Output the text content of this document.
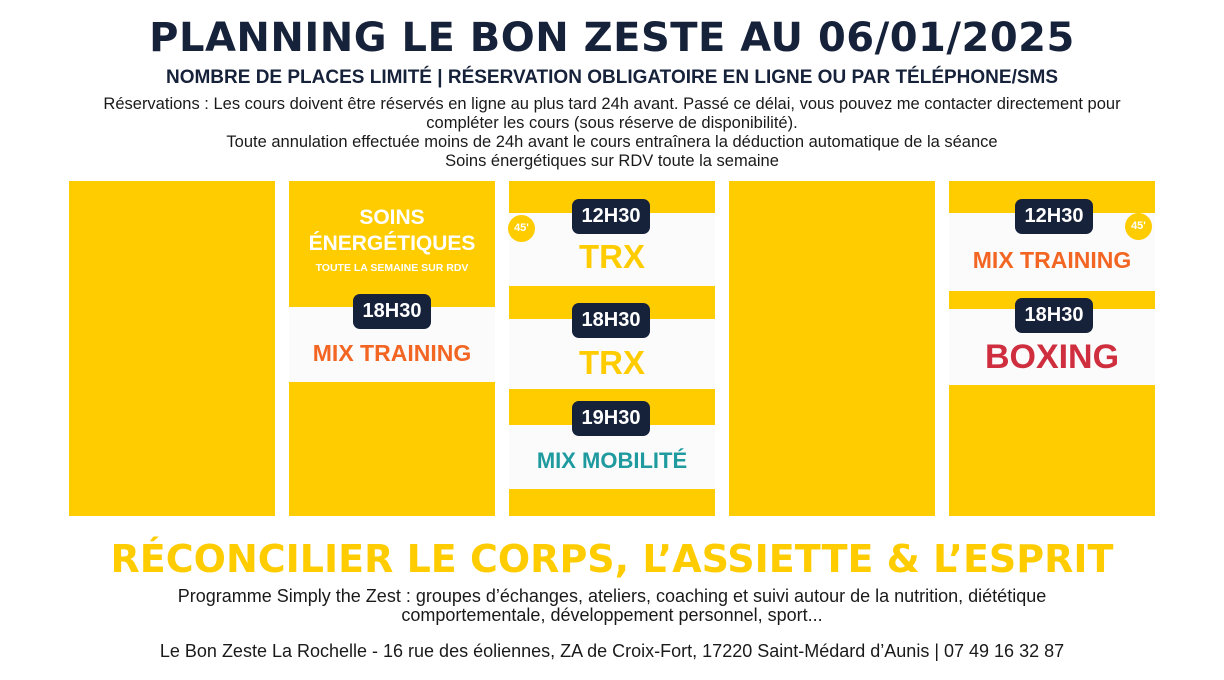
PLANNING LE BON ZESTE AU 06/01/2025
NOMBRE DE PLACES LIMITÉ | RÉSERVATION OBLIGATOIRE EN LIGNE OU PAR TÉLÉPHONE/SMS
Réservations : Les cours doivent être réservés en ligne au plus tard 24h avant. Passé ce délai, vous pouvez me contacter directement pour
compléter les cours (sous réserve de disponibilité).
Toute annulation effectuée moins de 24h avant le cours entraînera la déduction automatique de la séance
Soins énergétiques sur RDV toute la semaine
SOINS
ÉNERGÉTIQUES
TOUTE LA SEMAINE SUR RDV
18H30
MIX TRAINING
12H30
45'
TRX
18H30
TRX
19H30
MIX MOBILITÉ
12H30	45'
MIX TRAINING
18H30
BOXING
RÉCONCILIER LE CORPS, L’ASSIETTE & L’ESPRIT
Programme Simply the Zest : groupes d’échanges, ateliers, coaching et suivi autour de la nutrition, diététique
comportementale, développement personnel, sport...
Le Bon Zeste La Rochelle - 16 rue des éoliennes, ZA de Croix-Fort, 17220 Saint-Médard d’Aunis | 07 49 16 32 87
